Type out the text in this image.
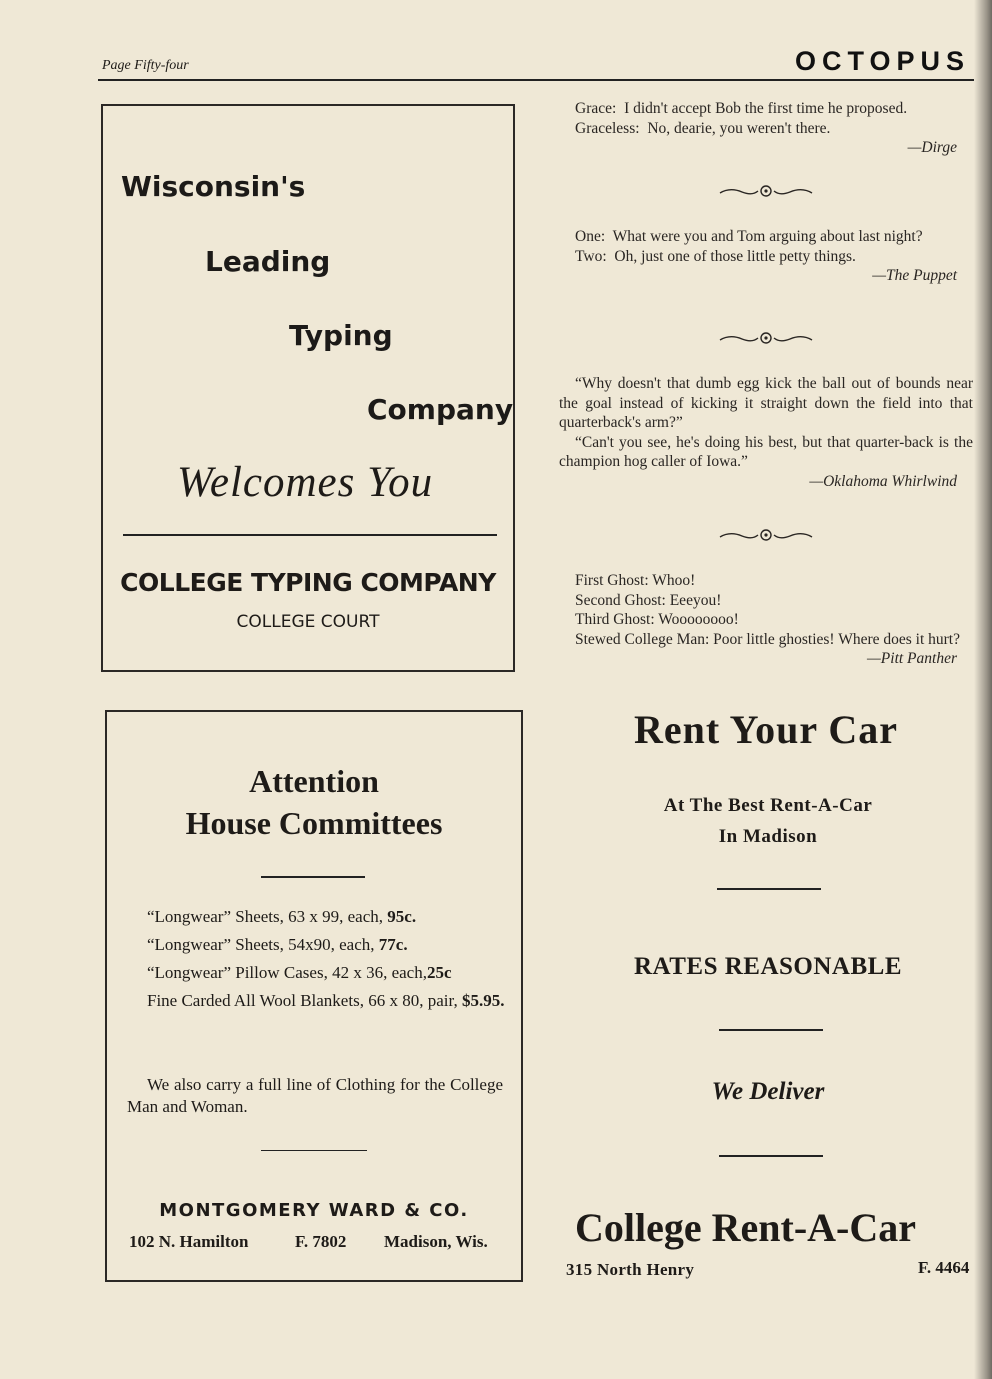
Page Fifty-four	OCTOPUS
Wisconsin's
Leading
Typing
Company
Welcomes You
COLLEGE TYPING COMPANY
COLLEGE COURT
Attention
House Committees
“Longwear” Sheets, 63 x 99, each, 95c.
“Longwear” Sheets, 54x90, each, 77c.
“Longwear” Pillow Cases, 42 x 36, each,25c
Fine Carded All Wool Blankets, 66 x 80, pair, $5.95.
We also carry a full line of Clothing for the College Man and Woman.
MONTGOMERY WARD & CO.
102 N. Hamilton	F. 7802 Madison, Wis.
Grace: I didn't accept Bob the first time he proposed.
Graceless: No, dearie, you weren't there.
—Dirge
One: What were you and Tom arguing about last night?
Two: Oh, just one of those little petty things.
—The Puppet
“Why doesn't that dumb egg kick the ball out of bounds near the goal instead of kicking it straight down the field into that quarterback's arm?”
“Can't you see, he's doing his best, but that quarter-back is the champion hog caller of Iowa.”
—Oklahoma Whirlwind
First Ghost: Whoo!
Second Ghost: Eeeyou!
Third Ghost: Woooooooo!
Stewed College Man: Poor little ghosties! Where does it hurt?
—Pitt Panther
Rent Your Car
At The Best Rent-A-Car
In Madison
RATES REASONABLE
We Deliver
College Rent-A-Car
315 North Henry	F. 4464
